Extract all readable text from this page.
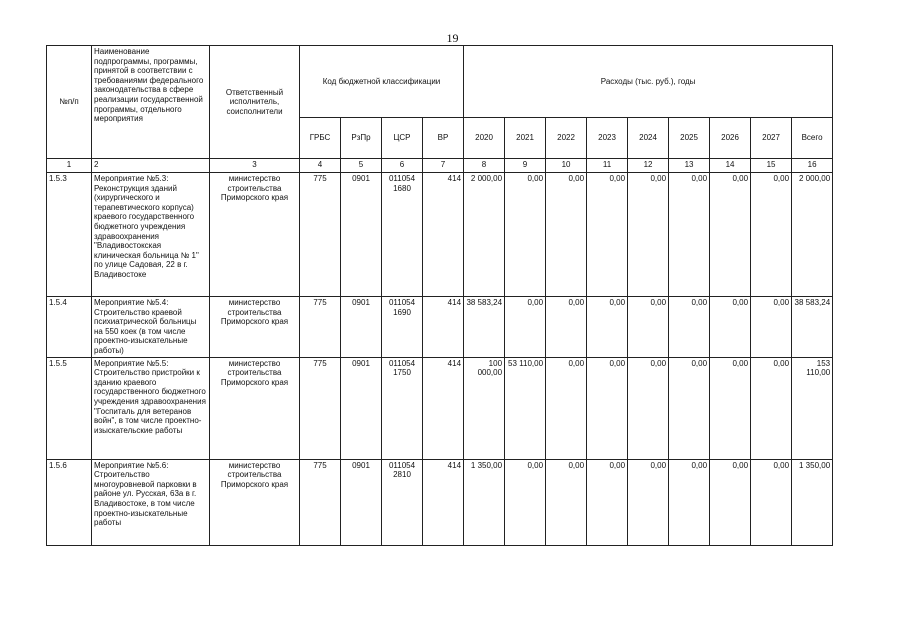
19
№п/п	Наименование подпрограммы, программы, принятой в соответствии с требованиями федерального законодательства в сфере реализации государственной программы, отдельного мероприятия	Ответственный исполнитель, соисполнители	Код бюджетной классификации				Расходы (тыс. руб.), годы								
			ГРБС	РзПр	ЦСР	ВР	2020	2021	2022	2023	2024	2025	2026	2027	Всего
1	2	3	4	5	6	7	8	9	10	11	12	13	14	15	16
1.5.3	Мероприятие №5.3: Реконструкция зданий (хирургического и терапевтического корпуса) краевого государственного бюджетного учреждения здравоохранения "Владивостокская клиническая больница № 1" по улице Садовая, 22 в г. Владивостоке	министерство строительства Приморского края	775	0901	011054 1680	414	2 000,00	0,00	0,00	0,00	0,00	0,00	0,00	0,00	2 000,00
1.5.4	Мероприятие №5.4: Строительство краевой психиатрической больницы на 550 коек (в том числе проектно-изыскательные работы)	министерство строительства Приморского края	775	0901	011054 1690	414	38 583,24	0,00	0,00	0,00	0,00	0,00	0,00	0,00	38 583,24
1.5.5	Мероприятие №5.5: Строительство пристройки к зданию краевого государственного бюджетного учреждения здравоохранения "Госпиталь для ветеранов войн", в том числе проектно-изыскательские работы	министерство строительства Приморского края	775	0901	011054 1750	414	100 000,00	53 110,00	0,00	0,00	0,00	0,00	0,00	0,00	153 110,00
1.5.6	Мероприятие №5.6: Строительство многоуровневой парковки в районе ул. Русская, 63а в г. Владивостоке, в том числе проектно-изыскательные работы	министерство строительства Приморского края	775	0901	011054 2810	414	1 350,00	0,00	0,00	0,00	0,00	0,00	0,00	0,00	1 350,00
